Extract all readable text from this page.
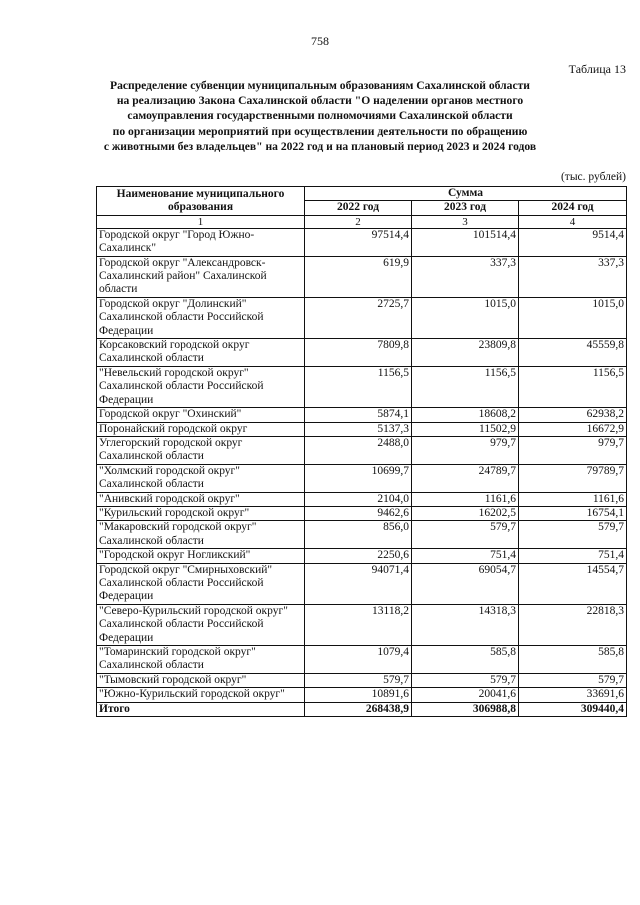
758
Таблица 13
Распределение субвенции муниципальным образованиям Сахалинской области
на реализацию Закона Сахалинской области "О наделении органов местного
самоуправления государственными полномочиями Сахалинской области
по организации мероприятий при осуществлении деятельности по обращению
с животными без владельцев" на 2022 год и на плановый период 2023 и 2024 годов
(тыс. рублей)
Наименование муниципального образования	Сумма		
	2022 год	2023 год	2024 год
1	2	3	4
Городской округ "Город Южно-Сахалинск"	97514,4	101514,4	9514,4
Городской округ "Александровск-Сахалинский район" Сахалинской области	619,9	337,3	337,3
Городской округ "Долинский" Сахалинской области Российской Федерации	2725,7	1015,0	1015,0
Корсаковский городской округ Сахалинской области	7809,8	23809,8	45559,8
"Невельский городской округ" Сахалинской области Российской Федерации	1156,5	1156,5	1156,5
Городской округ "Охинский"	5874,1	18608,2	62938,2
Поронайский городской округ	5137,3	11502,9	16672,9
Углегорский городской округ Сахалинской области	2488,0	979,7	979,7
"Холмский городской округ" Сахалинской области	10699,7	24789,7	79789,7
"Анивский городской округ"	2104,0	1161,6	1161,6
"Курильский городской округ"	9462,6	16202,5	16754,1
"Макаровский городской округ" Сахалинской области	856,0	579,7	579,7
"Городской округ Ногликский"	2250,6	751,4	751,4
Городской округ "Смирныховский" Сахалинской области Российской Федерации	94071,4	69054,7	14554,7
"Северо-Курильский городской округ" Сахалинской области Российской Федерации	13118,2	14318,3	22818,3
"Томаринский городской округ" Сахалинской области	1079,4	585,8	585,8
"Тымовский городской округ"	579,7	579,7	579,7
"Южно-Курильский городской округ"	10891,6	20041,6	33691,6
Итого	268438,9	306988,8	309440,4
